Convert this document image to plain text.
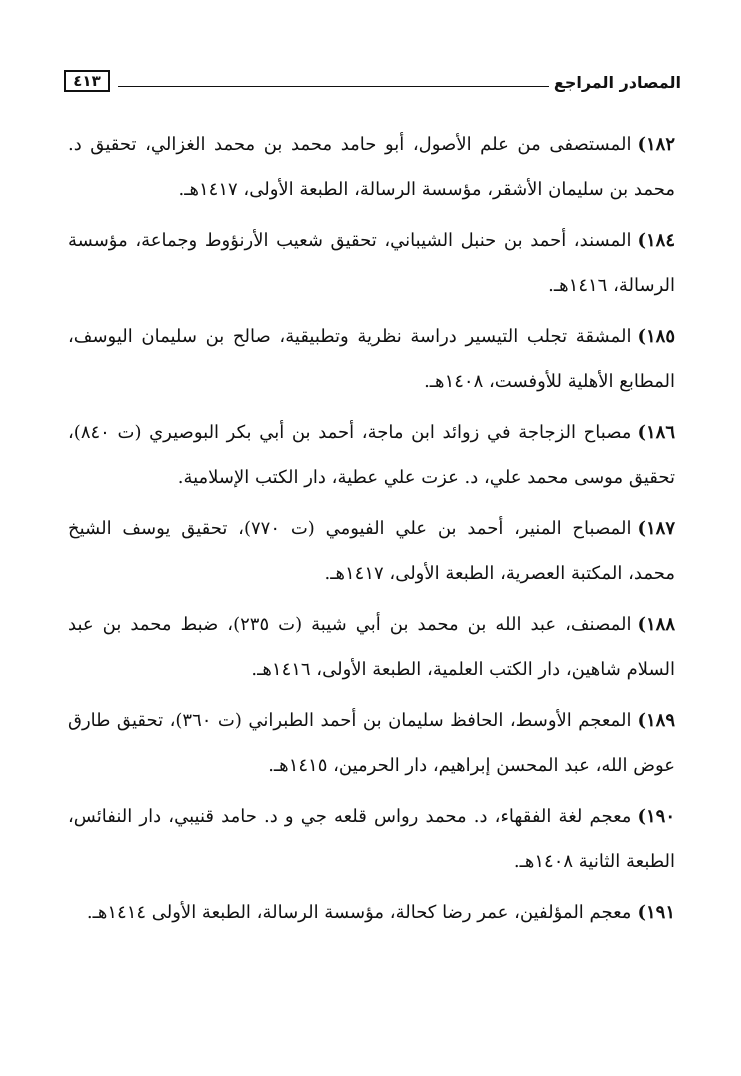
المصادر المراجع
٤١٣

١٨٢)المستصفى من علم الأصول، أبو حامد محمد بن محمد الغزالي، تحقيق د. محمد بن سليمان الأشقر، مؤسسة الرسالة، الطبعة الأولى، ١٤١٧هـ.

١٨٤)المسند، أحمد بن حنبل الشيباني، تحقيق شعيب الأرنؤوط وجماعة، مؤسسة الرسالة، ١٤١٦هـ.

١٨٥)المشقة تجلب التيسير دراسة نظرية وتطبيقية، صالح بن سليمان اليوسف، المطابع الأهلية للأوفست، ١٤٠٨هـ.

١٨٦)مصباح الزجاجة في زوائد ابن ماجة، أحمد بن أبي بكر البوصيري (ت ٨٤٠)، تحقيق موسى محمد علي، د. عزت علي عطية، دار الكتب الإسلامية.

١٨٧)المصباح المنير، أحمد بن علي الفيومي (ت ٧٧٠)، تحقيق يوسف الشيخ محمد، المكتبة العصرية، الطبعة الأولى، ١٤١٧هـ.

١٨٨)المصنف، عبد الله بن محمد بن أبي شيبة (ت ٢٣٥)، ضبط محمد بن عبد السلام شاهين، دار الكتب العلمية، الطبعة الأولى، ١٤١٦هـ.

١٨٩)المعجم الأوسط، الحافظ سليمان بن أحمد الطبراني (ت ٣٦٠)، تحقيق طارق عوض الله، عبد المحسن إبراهيم، دار الحرمين، ١٤١٥هـ.

١٩٠)معجم لغة الفقهاء، د. محمد رواس قلعه جي و د. حامد قنيبي، دار النفائس، الطبعة الثانية ١٤٠٨هـ.

١٩١)معجم المؤلفين، عمر رضا كحالة، مؤسسة الرسالة، الطبعة الأولى ١٤١٤هـ.
